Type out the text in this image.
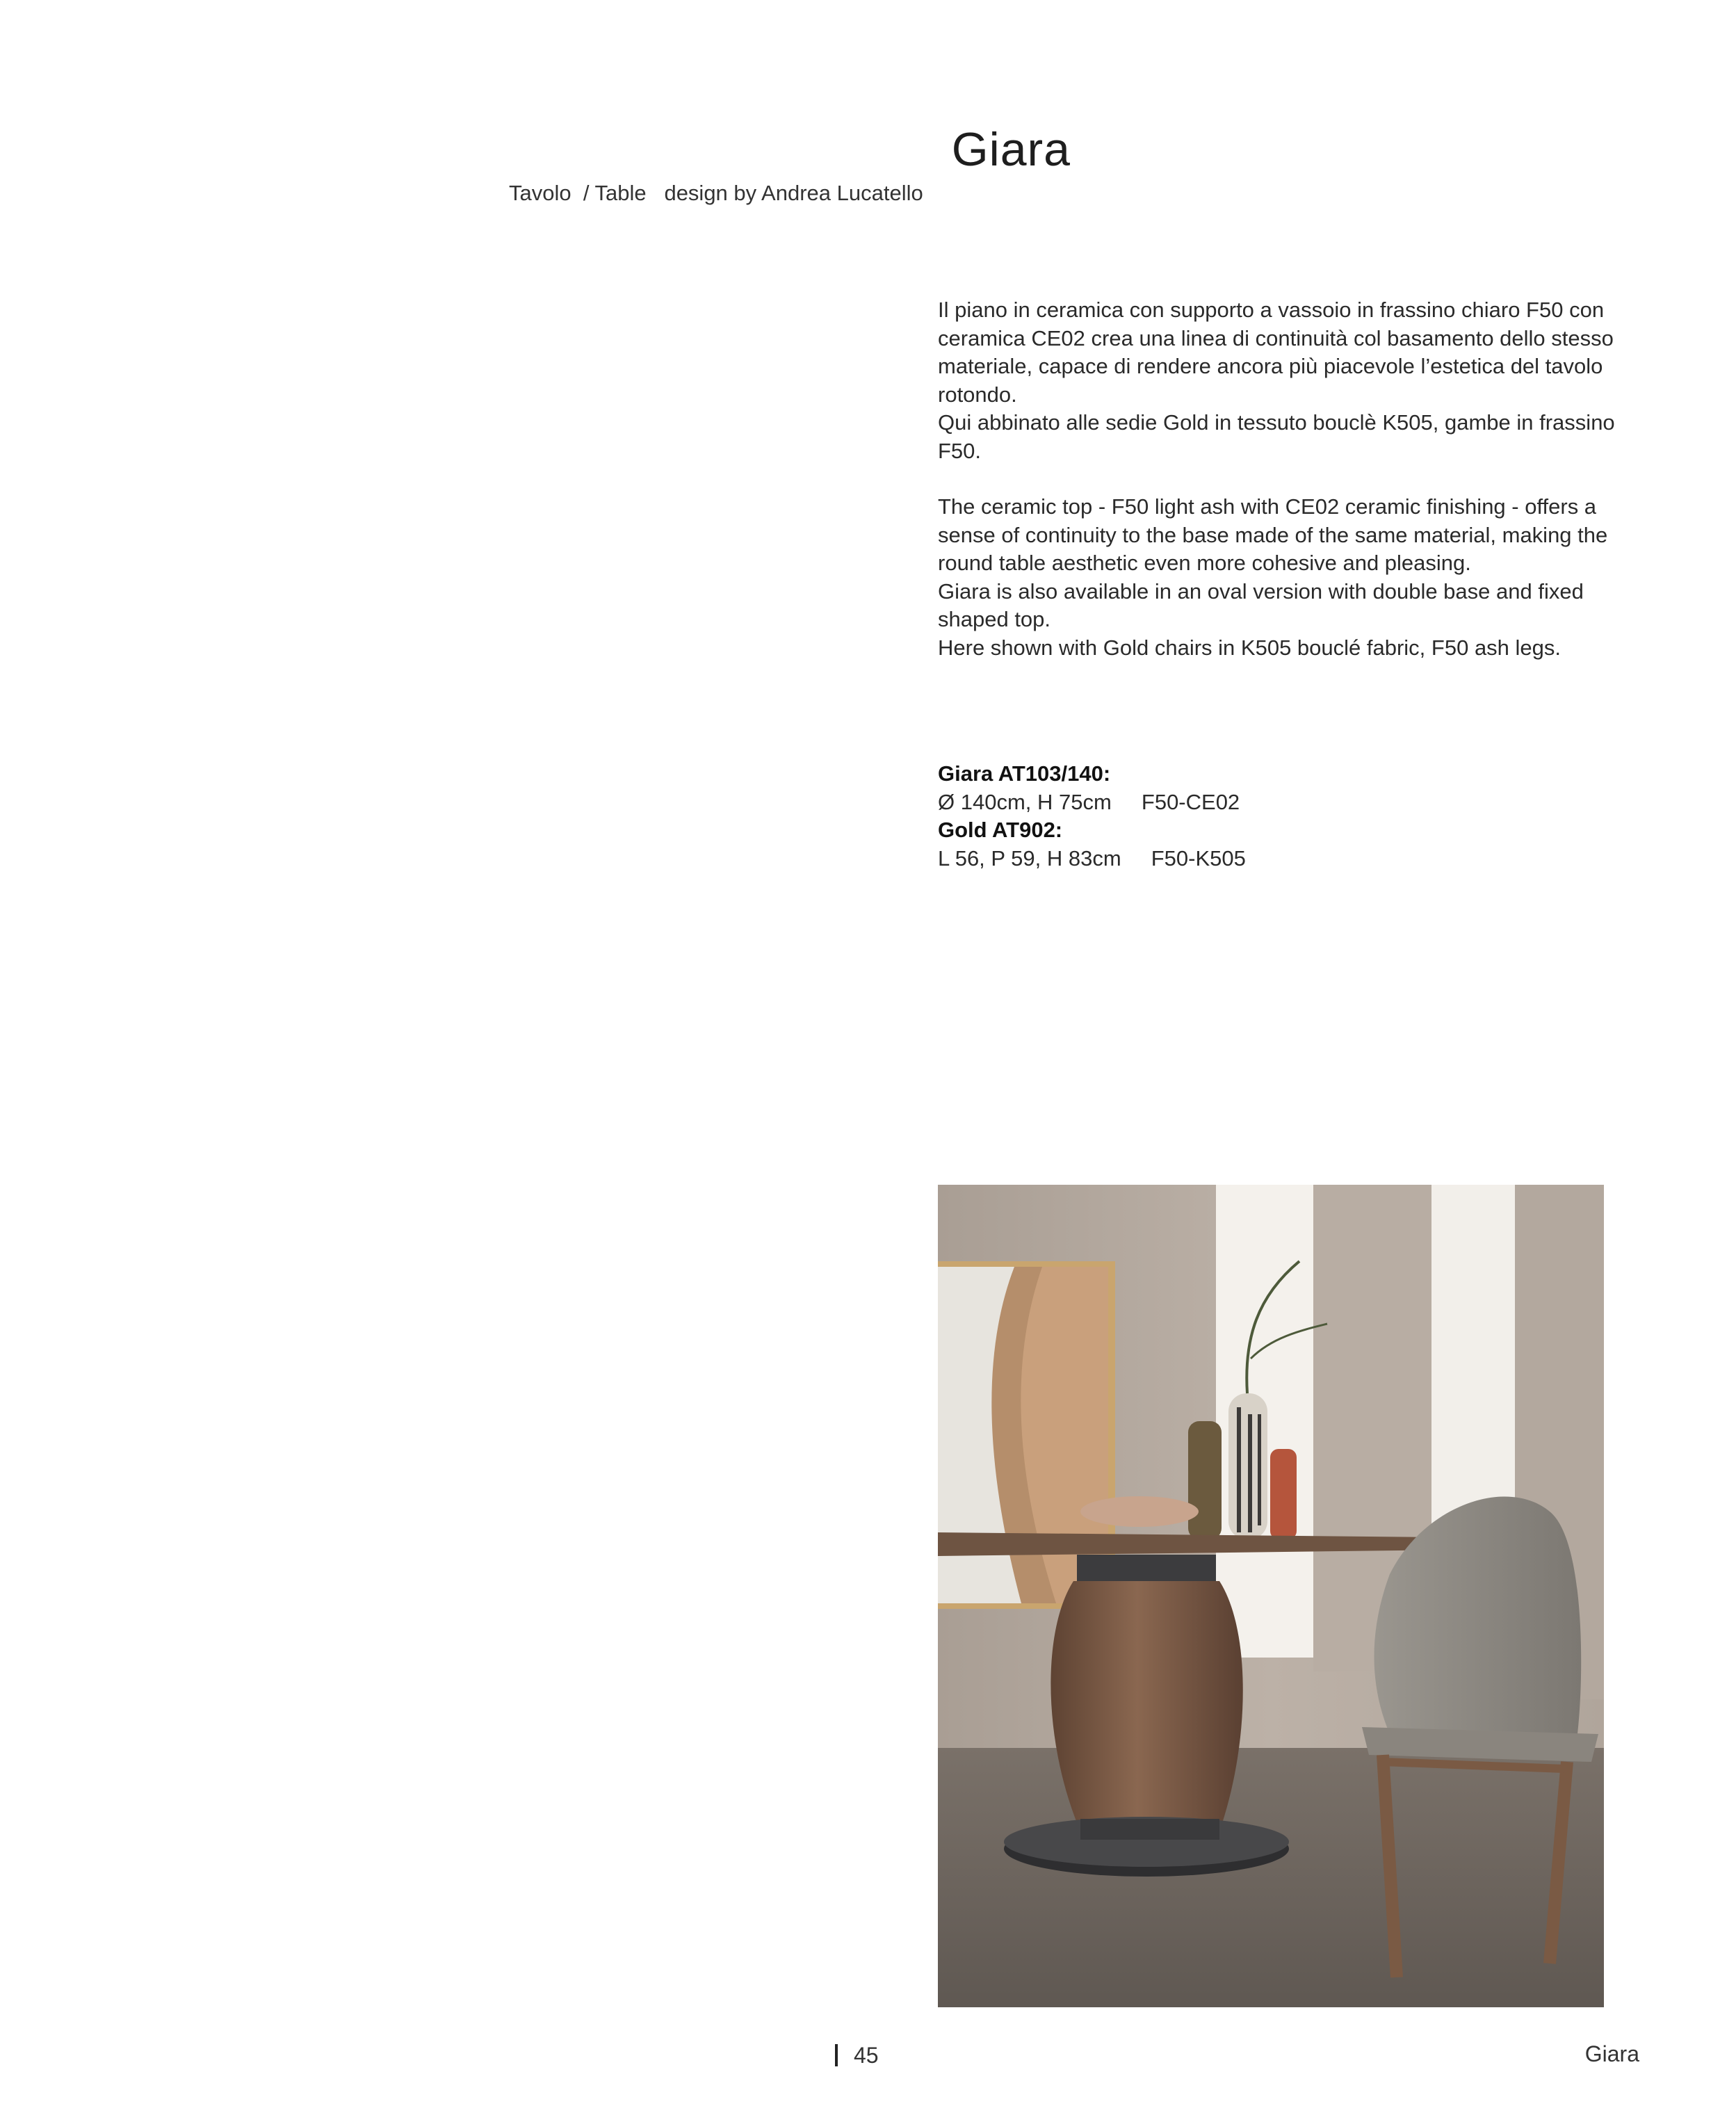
Giara
Tavolo  / Table   design by Andrea Lucatello

Il piano in ceramica con supporto a vassoio in frassino chiaro F50 con ceramica CE02 crea una linea di continuità col basamento dello stesso materiale, capace di rendere ancora più piacevole l’estetica del tavolo rotondo.
Qui abbinato alle sedie Gold in tessuto bouclè K505, gambe in frassino F50.

The ceramic top - F50 light ash with CE02 ceramic finishing - offers a sense of continuity to the base made of the same material, making the round table aesthetic even more cohesive and pleasing.
Giara is also available in an oval version with double base and fixed shaped top.
Here shown with Gold chairs in K505 bouclé fabric, F50 ash legs.

Giara AT103/140:
Ø 140cm, H 75cm F50-CE02
Gold AT902:
L 56, P 59, H 83cm F50-K505
45	Giara
